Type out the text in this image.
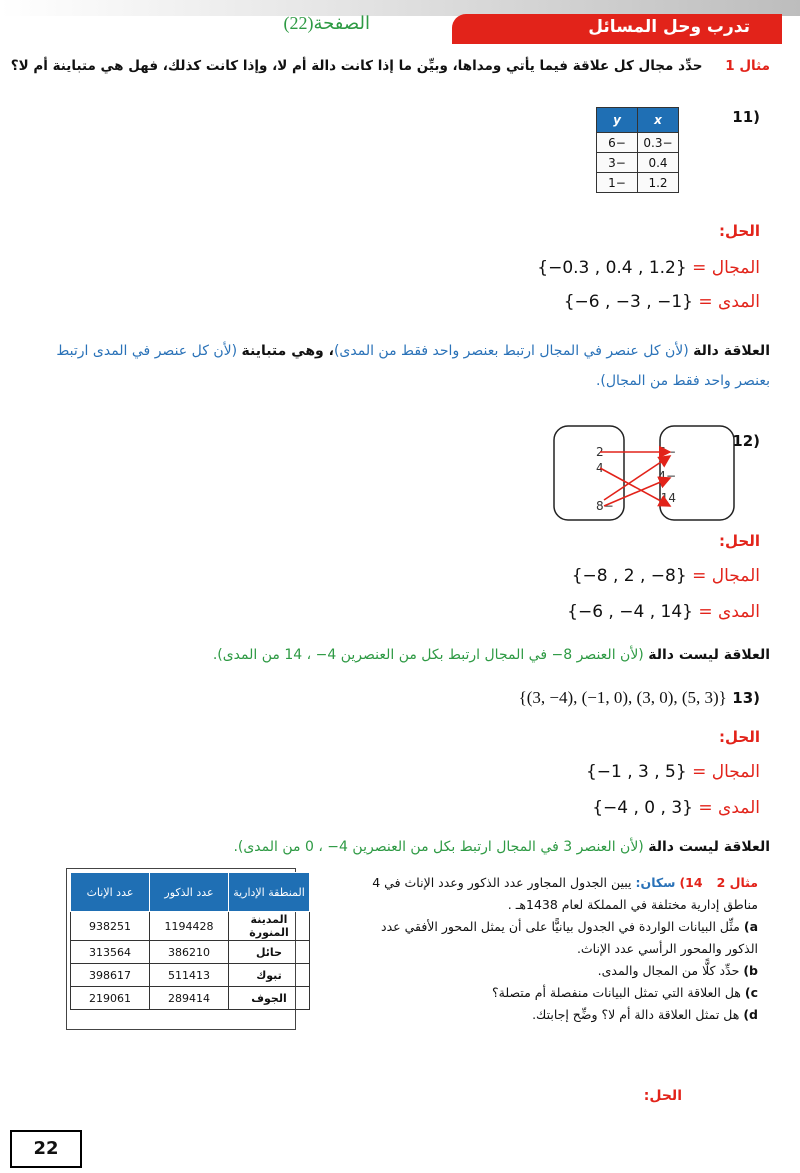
تدرب وحل المسائل
الصفحة(22)
مثال 1 حدِّد مجال كل علاقة فيما يأتي ومداها، وبيِّن ما إذا كانت دالة أم لا، وإذا كانت كذلك، فهل هي متباينة أم لا؟
(11
x	y
−0.3	−6
0.4	−3
1.2	−1
الحل:
المجال = {−0.3 , 0.4 , 1.2}
المدى = {−6 , −3 , −1}
العلاقة دالة (لأن كل عنصر في المجال ارتبط بعنصر واحد فقط من المدى)، وهي متباينة (لأن كل عنصر في المدى ارتبط بعنصر واحد فقط من المجال).
(12
2
4
−8
−6
−4
14
الحل:
المجال = {−8 , 2 , −8}
المدى = {−6 , −4 , 14}
العلاقة ليست دالة (لأن العنصر 8− في المجال ارتبط بكل من العنصرين 4− ، 14 من المدى).
(13 {(3, −4), (−1, 0), (3, 0), (5, 3)}
الحل:
المجال = {−1 , 3 , 5}
المدى = {−4 , 0 , 3}
العلاقة ليست دالة (لأن العنصر 3 في المجال ارتبط بكل من العنصرين 4− ، 0 من المدى).
مثال 2 14) سكان: يبين الجدول المجاور عدد الذكور وعدد الإناث في 4 مناطق إدارية مختلفة في المملكة لعام 1438هـ .
a) مثِّل البيانات الواردة في الجدول بيانيًّا على أن يمثل المحور الأفقي عدد الذكور والمحور الرأسي عدد الإناث.
b) حدِّد كلًّا من المجال والمدى.
c) هل العلاقة التي تمثل البيانات منفصلة أم متصلة؟
d) هل تمثل العلاقة دالة أم لا؟ وضِّح إجابتك.
المنطقة الإدارية	عدد الذكور	عدد الإناث
المدينة المنورة	1194428	938251
حائل	386210	313564
تبوك	511413	398617
الجوف	289414	219061
الحل:
22
